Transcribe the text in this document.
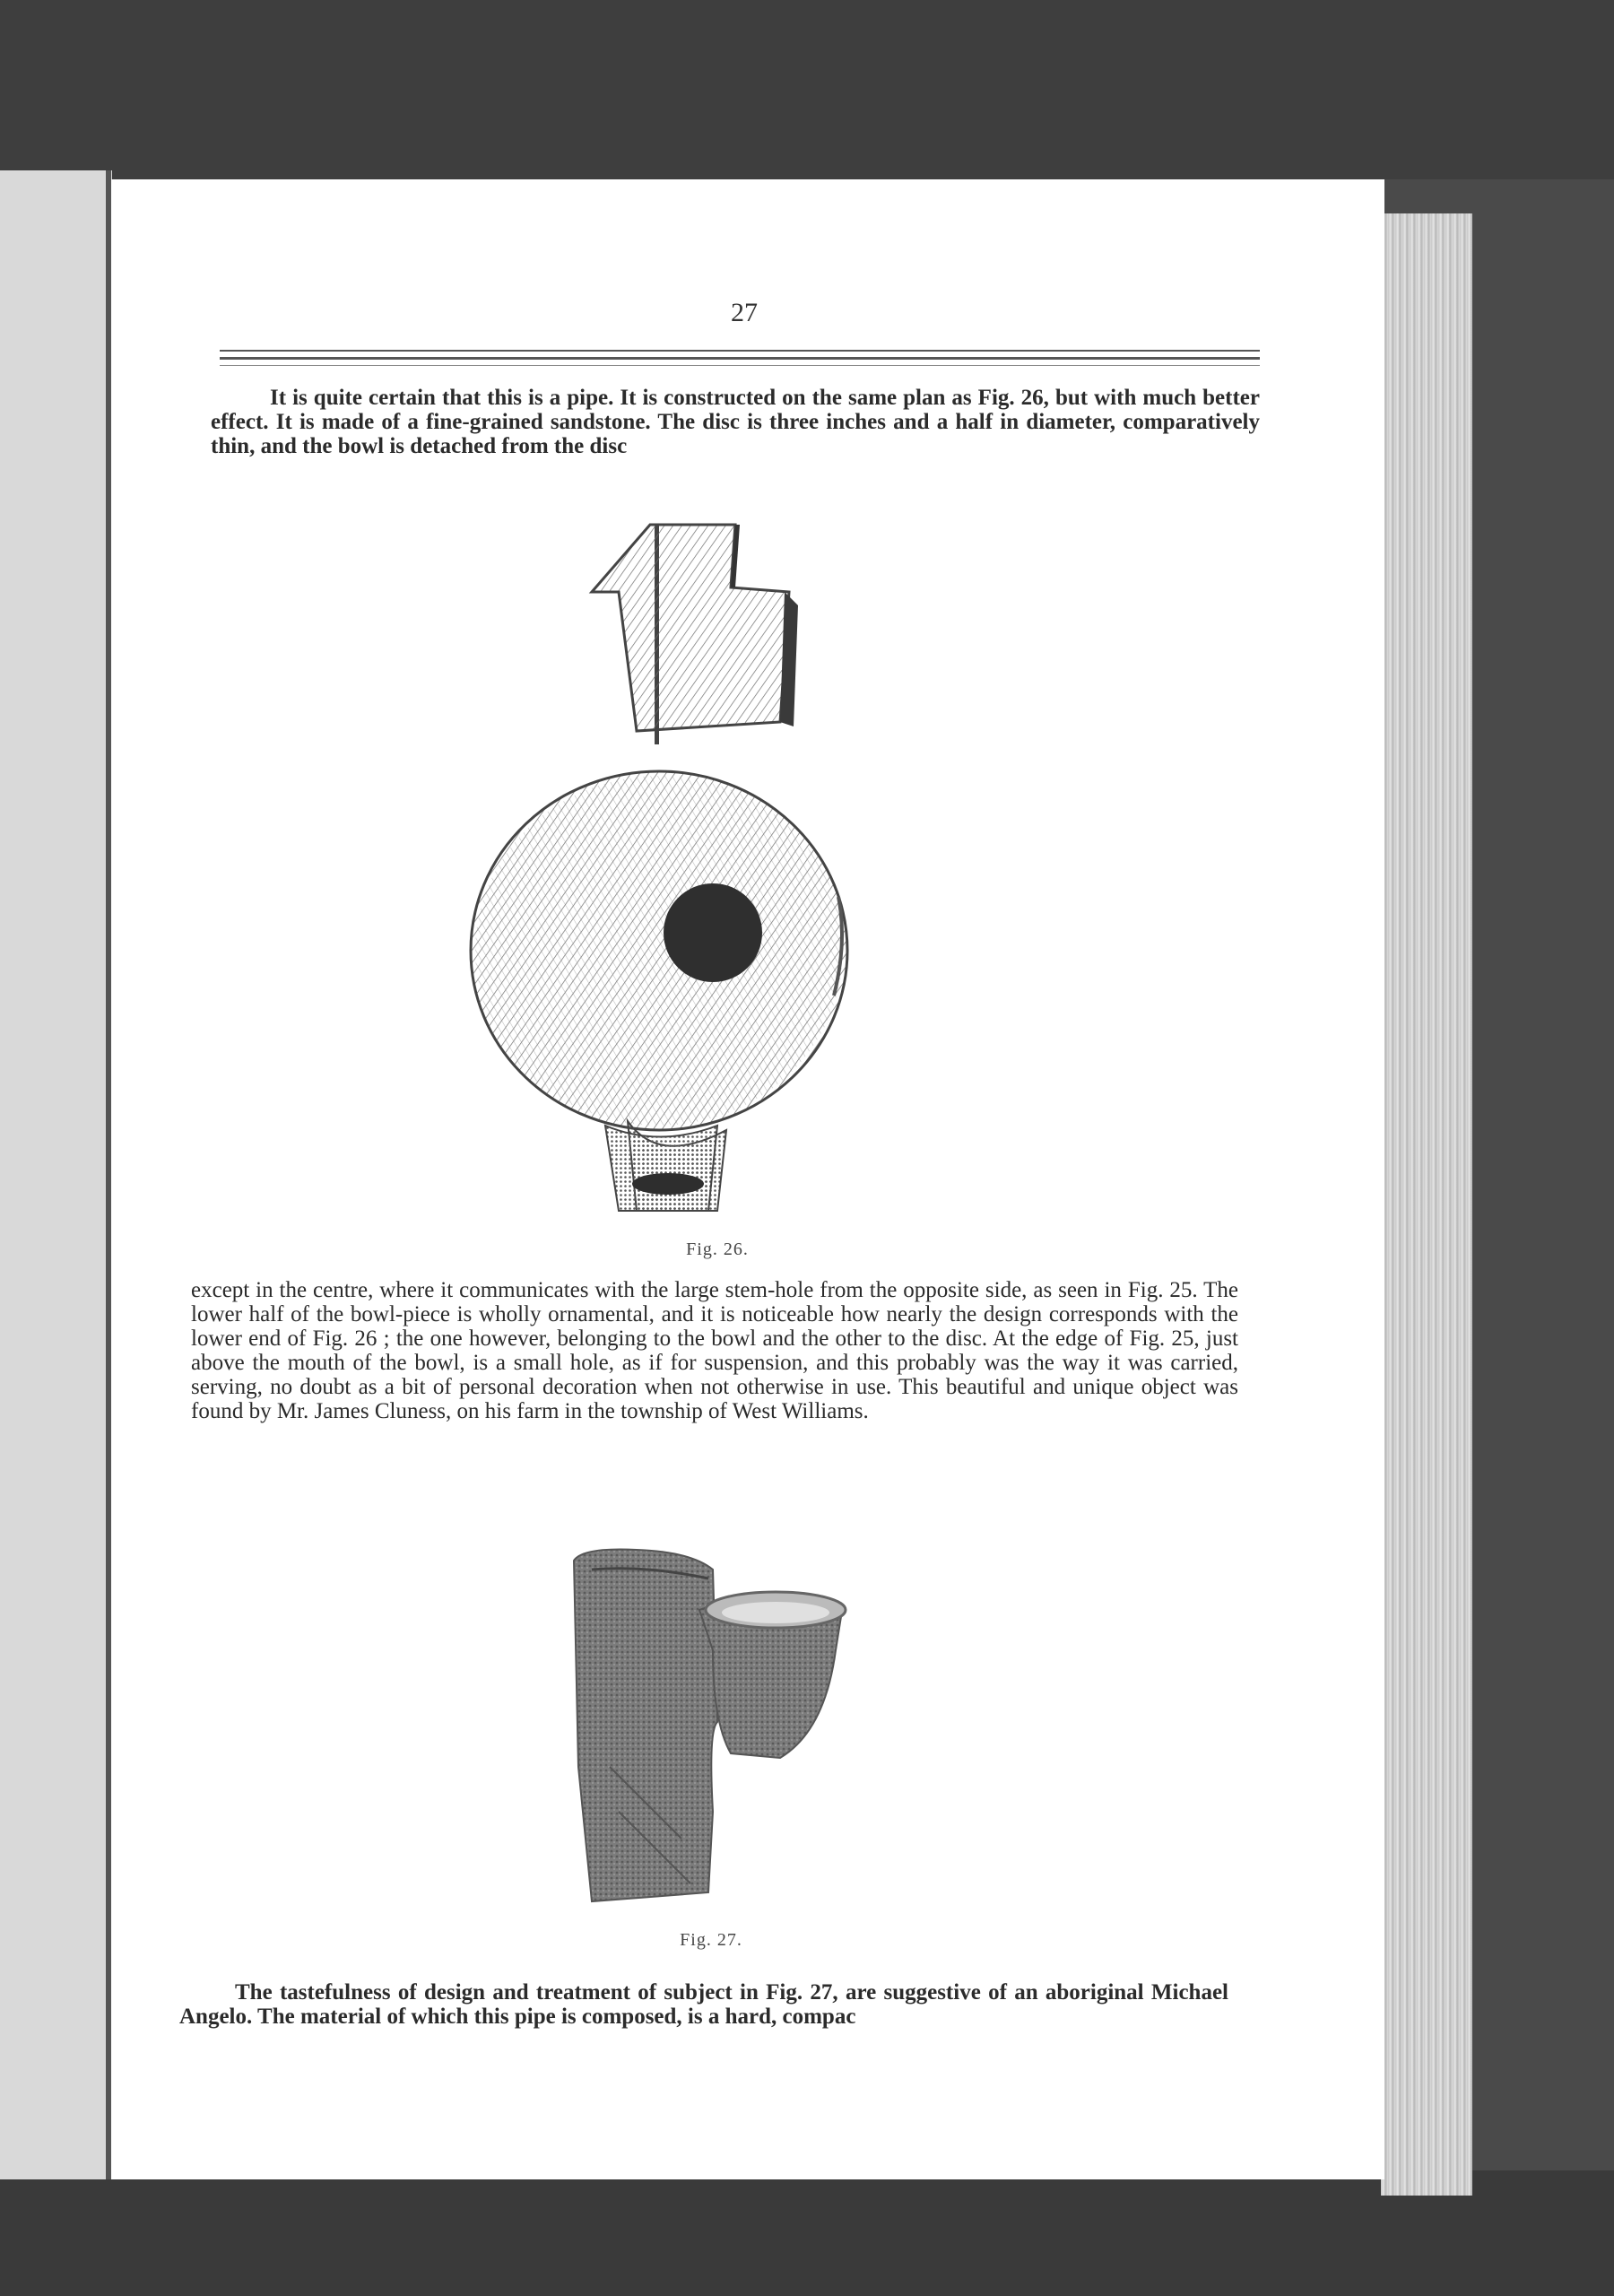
27

It is quite certain that this is a pipe. It is constructed on the same plan as Fig. 26, but with much better effect. It is made of a fine-grained sandstone. The disc is three inches and a half in diameter, comparatively thin, and the bowl is detached from the disc

Fig. 26.

except in the centre, where it communicates with the large stem-hole from the opposite side, as seen in Fig. 25. The lower half of the bowl-piece is wholly ornamental, and it is noticeable how nearly the design corresponds with the lower end of Fig. 26 ; the one however, belonging to the bowl and the other to the disc. At the edge of Fig. 25, just above the mouth of the bowl, is a small hole, as if for suspension, and this probably was the way it was carried, serving, no doubt as a bit of personal decoration when not otherwise in use. This beautiful and unique object was found by Mr. James Cluness, on his farm in the township of West Williams.

Fig. 27.

The tastefulness of design and treatment of subject in Fig. 27, are suggestive of an aboriginal Michael Angelo. The material of which this pipe is composed, is a hard, compac
